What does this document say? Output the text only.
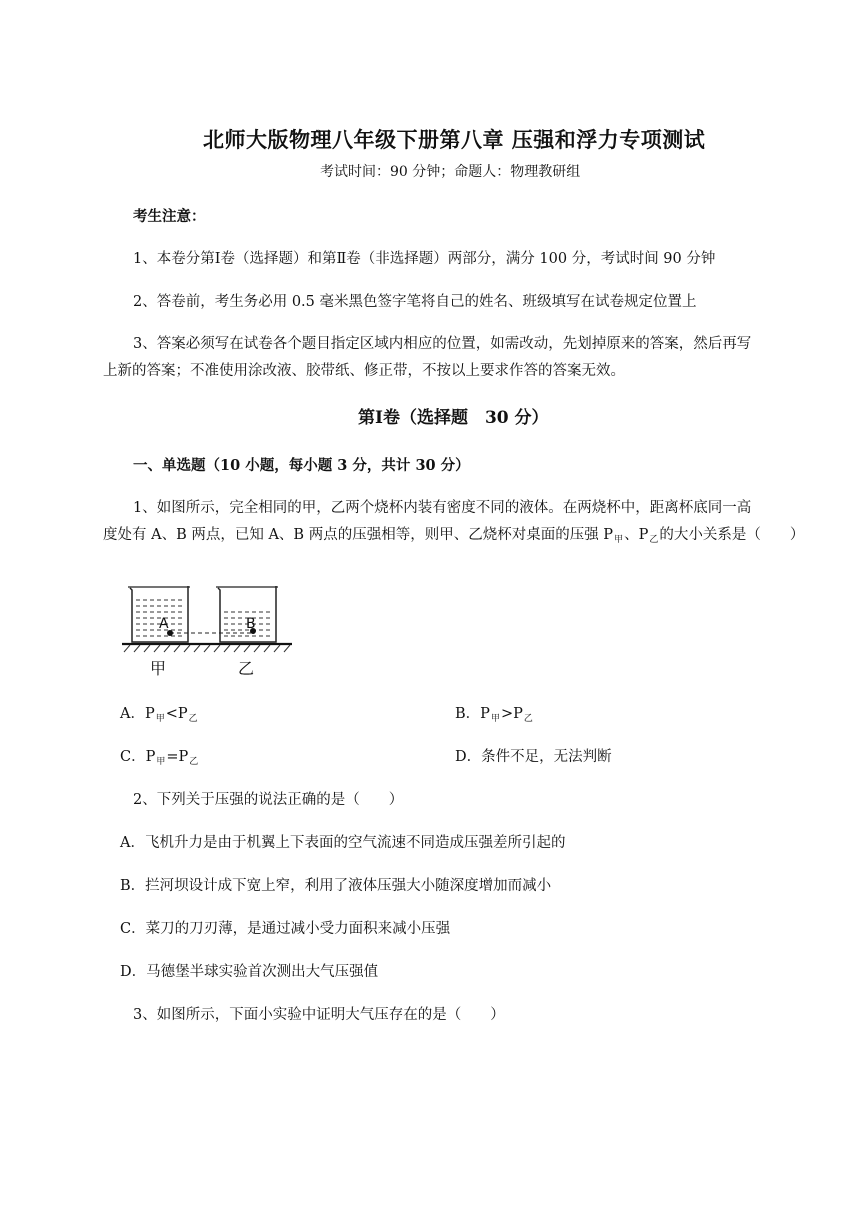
北师大版物理八年级下册第八章 压强和浮力专项测试
考试时间：90 分钟；命题人：物理教研组
考生注意：
1、本卷分第Ⅰ卷（选择题）和第Ⅱ卷（非选择题）两部分，满分 100 分，考试时间 90 分钟
2、答卷前，考生务必用 0.5 毫米黑色签字笔将自己的姓名、班级填写在试卷规定位置上
3、答案必须写在试卷各个题目指定区域内相应的位置，如需改动，先划掉原来的答案，然后再写
上新的答案；不准使用涂改液、胶带纸、修正带，不按以上要求作答的答案无效。
第Ⅰ卷（选择题　30 分）
一、单选题（10 小题，每小题 3 分，共计 30 分）
1、如图所示，完全相同的甲，乙两个烧杯内装有密度不同的液体。在两烧杯中，距离杯底同一高
度处有 A、B 两点，已知 A、B 两点的压强相等，则甲、乙烧杯对桌面的压强 $P_甲$、$P_乙$的大小关系是（　　）
A	B
甲	乙
A．$P_甲<P_乙$	B．$P_甲>P_乙$
C．$P_甲=P_乙$	D．条件不足，无法判断
2、下列关于压强的说法正确的是（　　）
A．飞机升力是由于机翼上下表面的空气流速不同造成压强差所引起的
B．拦河坝设计成下宽上窄，利用了液体压强大小随深度增加而减小
C．菜刀的刀刃薄，是通过减小受力面积来减小压强
D．马德堡半球实验首次测出大气压强值
3、如图所示，下面小实验中证明大气压存在的是（　　）
